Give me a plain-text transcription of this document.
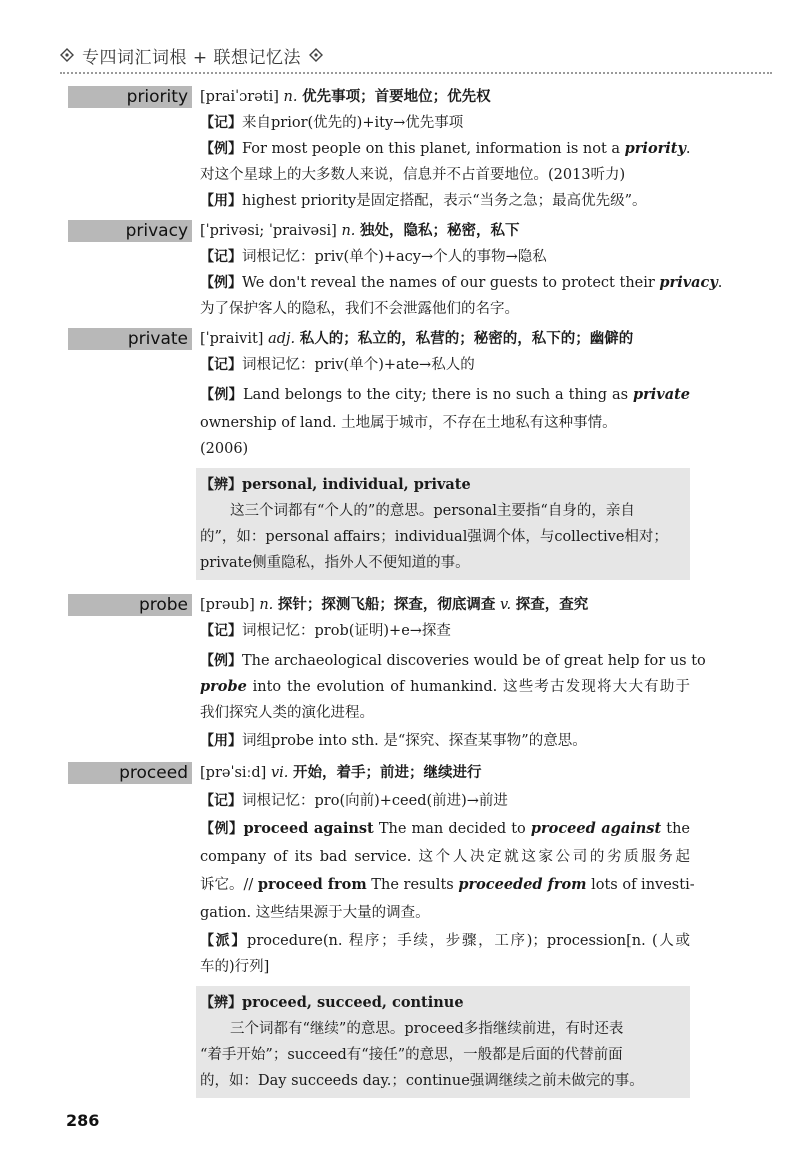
专四词汇词根 + 联想记忆法
priority [praiˈɔrəti] n. 优先事项；首要地位；优先权
【记】来自prior(优先的)+ity→优先事项
【例】For most people on this planet, information is not a priority.
对这个星球上的大多数人来说，信息并不占首要地位。(2013听力)
【用】highest priority是固定搭配，表示“当务之急；最高优先级”。
privacy [ˈprivəsi; ˈpraivəsi] n. 独处，隐私；秘密，私下
【记】词根记忆：priv(单个)+acy→个人的事物→隐私
【例】We don't reveal the names of our guests to protect their privacy.
为了保护客人的隐私，我们不会泄露他们的名字。
private [ˈpraivit] adj. 私人的；私立的，私营的；秘密的，私下的；幽僻的
【记】词根记忆：priv(单个)+ate→私人的
【例】Land belongs to the city; there is no such a thing as private
ownership of land. 土地属于城市，不存在土地私有这种事情。
(2006)
【辨】personal, individual, private
这三个词都有“个人的”的意思。personal主要指“自身的，亲自
的”，如：personal affairs；individual强调个体，与collective相对；
private侧重隐私，指外人不便知道的事。
probe [prəub] n. 探针；探测飞船；探查，彻底调查 v. 探查，查究
【记】词根记忆：prob(证明)+e→探查
【例】The archaeological discoveries would be of great help for us to
probe into the evolution of humankind. 这些考古发现将大大有助于
我们探究人类的演化进程。
【用】词组probe into sth. 是“探究、探查某事物”的意思。
proceed [prəˈsiːd] vi. 开始，着手；前进；继续进行
【记】词根记忆：pro(向前)+ceed(前进)→前进
【例】proceed against The man decided to proceed against the
company of its bad service. 这个人决定就这家公司的劣质服务起
诉它。// proceed from The results proceeded from lots of investi-
gation. 这些结果源于大量的调查。
【派】procedure(n. 程序；手续，步骤，工序)；procession[n. (人或
车的)行列]
【辨】proceed, succeed, continue
三个词都有“继续”的意思。proceed多指继续前进，有时还表
“着手开始”；succeed有“接任”的意思，一般都是后面的代替前面
的，如：Day succeeds day.；continue强调继续之前未做完的事。
286
